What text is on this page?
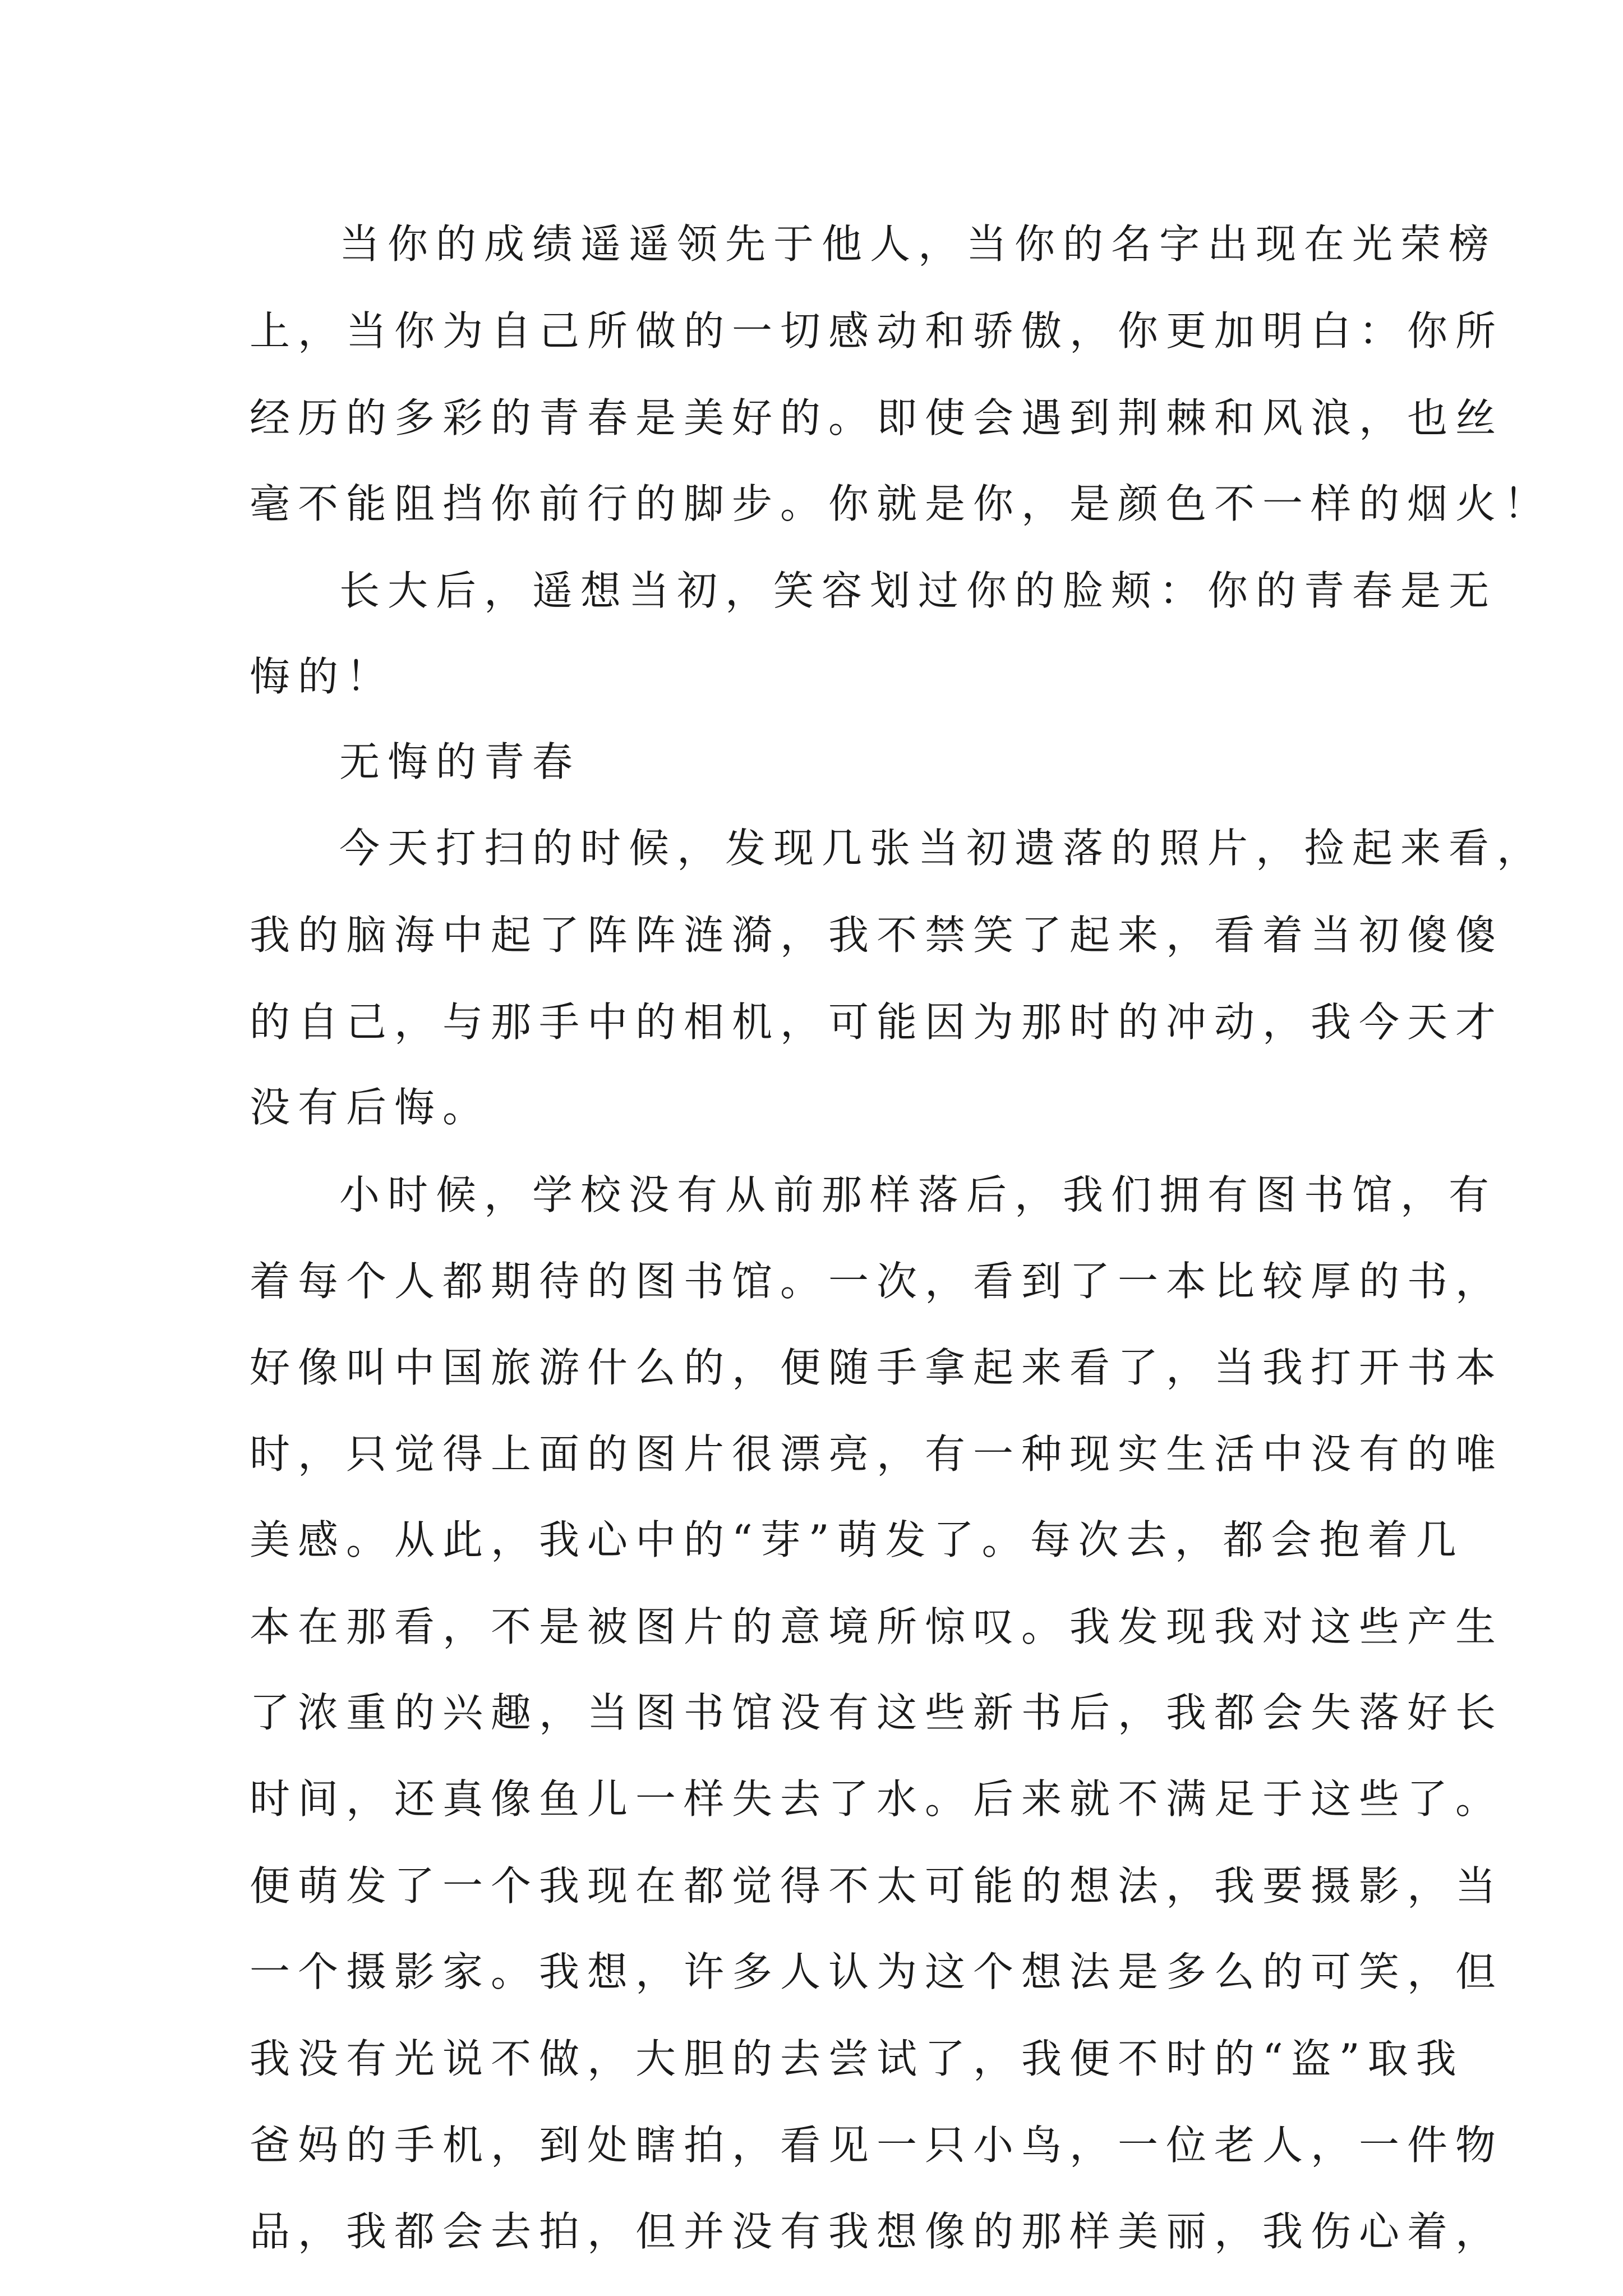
当你的成绩遥遥领先于他人，当你的名字出现在光荣榜
上，当你为自己所做的一切感动和骄傲，你更加明白：你所
经历的多彩的青春是美好的。即使会遇到荆棘和风浪，也丝
毫不能阻挡你前行的脚步。你就是你，是颜色不一样的烟火！
长大后，遥想当初，笑容划过你的脸颊：你的青春是无
悔的！
无悔的青春
今天打扫的时候，发现几张当初遗落的照片，捡起来看，
我的脑海中起了阵阵涟漪，我不禁笑了起来，看着当初傻傻
的自己，与那手中的相机，可能因为那时的冲动，我今天才
没有后悔。
小时候，学校没有从前那样落后，我们拥有图书馆，有
着每个人都期待的图书馆。一次，看到了一本比较厚的书，
好像叫中国旅游什么的，便随手拿起来看了，当我打开书本
时，只觉得上面的图片很漂亮，有一种现实生活中没有的唯
美感。从此，我心中的“芽”萌发了。每次去，都会抱着几
本在那看，不是被图片的意境所惊叹。我发现我对这些产生
了浓重的兴趣，当图书馆没有这些新书后，我都会失落好长
时间，还真像鱼儿一样失去了水。后来就不满足于这些了。
便萌发了一个我现在都觉得不太可能的想法，我要摄影，当
一个摄影家。我想，许多人认为这个想法是多么的可笑，但
我没有光说不做，大胆的去尝试了，我便不时的“盗”取我
爸妈的手机，到处瞎拍，看见一只小鸟，一位老人，一件物
品，我都会去拍，但并没有我想像的那样美丽，我伤心着，
